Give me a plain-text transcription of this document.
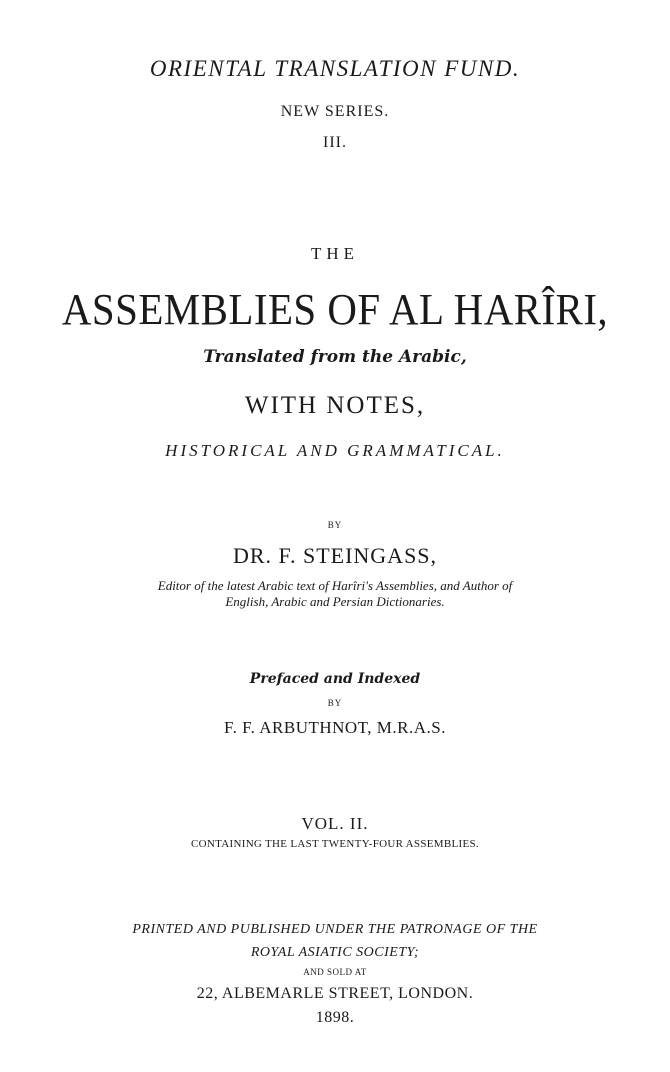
ORIENTAL TRANSLATION FUND.
NEW SERIES.
III.
THE
ASSEMBLIES OF AL HARÎRI,
Translated from the Arabic,
WITH NOTES,
HISTORICAL AND GRAMMATICAL.
BY
DR. F. STEINGASS,
Editor of the latest Arabic text of Harîri's Assemblies, and Author of
English, Arabic and Persian Dictionaries.
Prefaced and Indexed
BY
F. F. ARBUTHNOT, M.R.A.S.
VOL. II.
CONTAINING THE LAST TWENTY-FOUR ASSEMBLIES.
PRINTED AND PUBLISHED UNDER THE PATRONAGE OF THE
ROYAL ASIATIC SOCIETY;
AND SOLD AT
22, ALBEMARLE STREET, LONDON.
1898.
